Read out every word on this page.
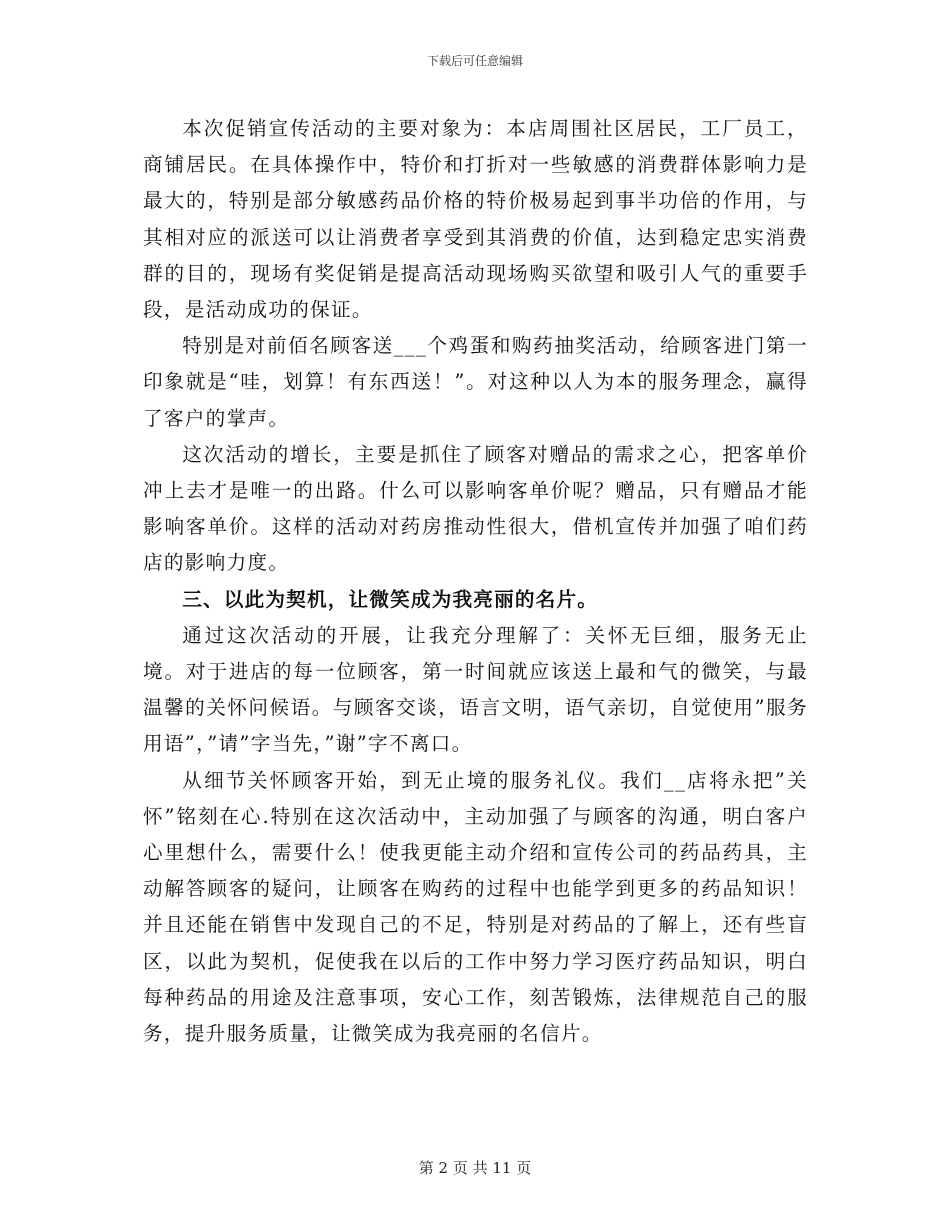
下载后可任意编辑

本次促销宣传活动的主要对象为：本店周围社区居民，工厂员工，商铺居民。在具体操作中，特价和打折对一些敏感的消费群体影响力是最大的，特别是部分敏感药品价格的特价极易起到事半功倍的作用，与其相对应的派送可以让消费者享受到其消费的价值，达到稳定忠实消费群的目的，现场有奖促销是提高活动现场购买欲望和吸引人气的重要手段，是活动成功的保证。

特别是对前佰名顾客送___个鸡蛋和购药抽奖活动，给顾客进门第一印象就是“哇，划算！有东西送！”。对这种以人为本的服务理念，赢得了客户的掌声。

这次活动的增长，主要是抓住了顾客对赠品的需求之心，把客单价冲上去才是唯一的出路。什么可以影响客单价呢？赠品，只有赠品才能影响客单价。这样的活动对药房推动性很大，借机宣传并加强了咱们药店的影响力度。

三、以此为契机，让微笑成为我亮丽的名片。

通过这次活动的开展，让我充分理解了：关怀无巨细，服务无止境。对于进店的每一位顾客，第一时间就应该送上最和气的微笑，与最温馨的关怀问候语。与顾客交谈，语言文明，语气亲切，自觉使用”服务用语”，”请”字当先，”谢”字不离口。

从细节关怀顾客开始，到无止境的服务礼仪。我们__店将永把”关怀”铭刻在心.特别在这次活动中，主动加强了与顾客的沟通，明白客户心里想什么，需要什么！使我更能主动介绍和宣传公司的药品药具，主动解答顾客的疑问，让顾客在购药的过程中也能学到更多的药品知识！并且还能在销售中发现自己的不足，特别是对药品的了解上，还有些盲区，以此为契机，促使我在以后的工作中努力学习医疗药品知识，明白每种药品的用途及注意事项，安心工作，刻苦锻炼，法律规范自己的服务，提升服务质量，让微笑成为我亮丽的名信片。

第 2 页 共 11 页
